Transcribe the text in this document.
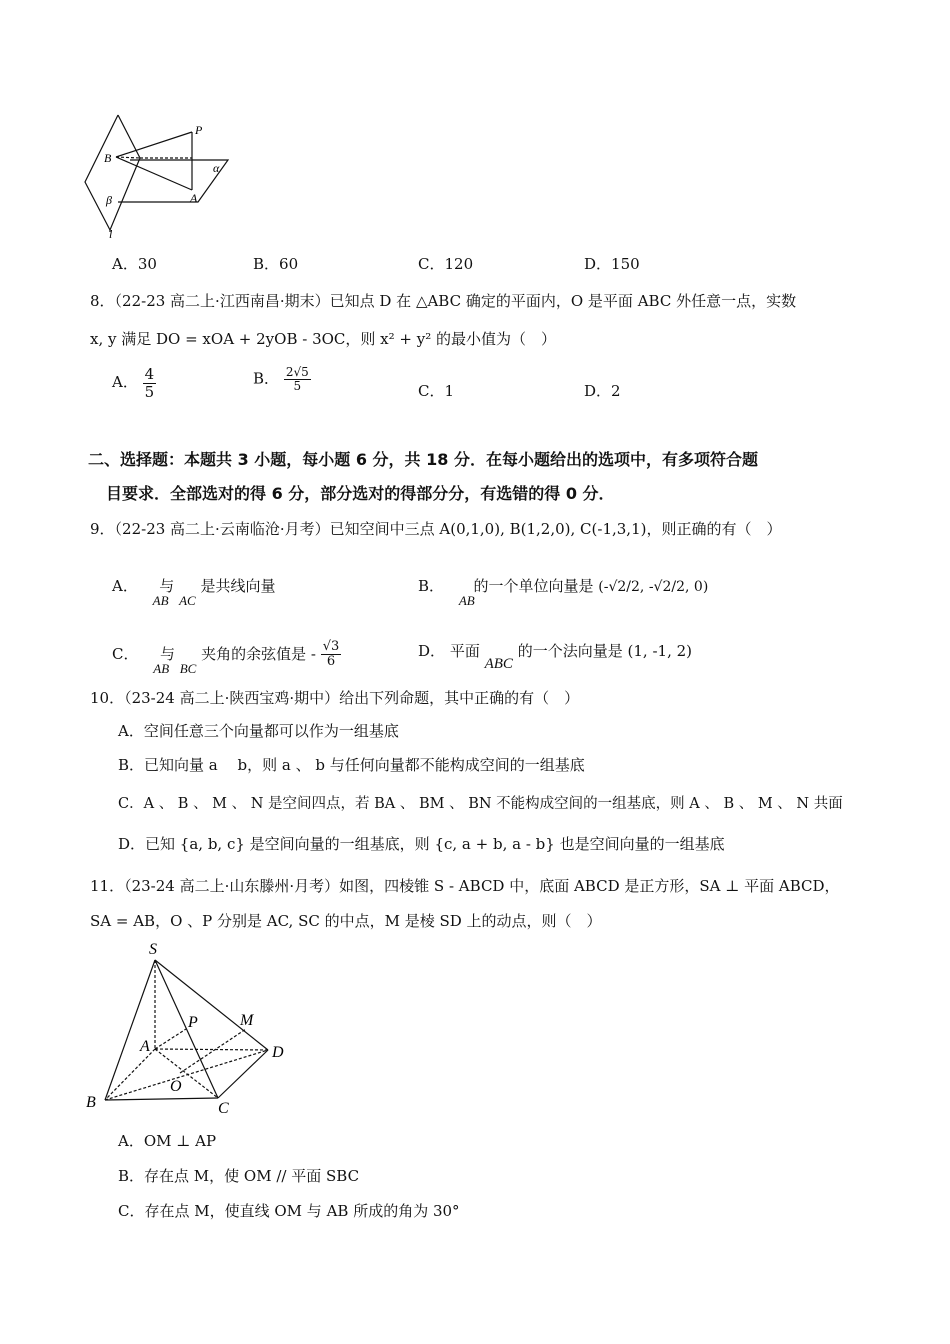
P
B
α
A
β
l
A．30	B．60	C．120	D．150
8．（22-23 高二上·江西南昌·期末）已知点 D 在 △ABC 确定的平面内，O 是平面 ABC 外任意一点，实数
x, y 满足 DO = xOA + 2yOB - 3OC，则 x² + y² 的最小值为（　）
A． $\frac{4}{5}$	B． $\frac{2√5}{5}$	C．1	D．2
二、选择题：本题共 3 小题，每小题 6 分，共 18 分．在每小题给出的选项中，有多项符合题
目要求．全部选对的得 6 分，部分选对的得部分分，有选错的得 0 分．
9．（22-23 高二上·云南临沧·月考）已知空间中三点 A(0,1,0), B(1,2,0), C(-1,3,1)，则正确的有（　）
A． AB 与 AC 是共线向量	B． AB 的一个单位向量是 (-√2/2, -√2/2, 0)
C． AB 与 BC 夹角的余弦值是 - $\frac{√3}{6}$	D． 平面 ABC 的一个法向量是 (1, -1, 2)
10．（23-24 高二上·陕西宝鸡·期中）给出下列命题，其中正确的有（　）
A．空间任意三个向量都可以作为一组基底
B．已知向量 a　 b，则 a 、 b 与任何向量都不能构成空间的一组基底
C．A 、 B 、 M 、 N 是空间四点，若 BA 、 BM 、 BN 不能构成空间的一组基底，则 A 、 B 、 M 、 N 共面
D．已知 {a, b, c} 是空间向量的一组基底，则 {c, a + b, a - b} 也是空间向量的一组基底
11．（23-24 高二上·山东滕州·月考）如图，四棱锥 S - ABCD 中，底面 ABCD 是正方形，SA ⊥ 平面 ABCD，
SA = AB，O 、P 分别是 AC, SC 的中点，M 是棱 SD 上的动点，则（　）
S
P	M
A	D
O
B	C
A．OM ⊥ AP
B．存在点 M，使 OM // 平面 SBC
C．存在点 M，使直线 OM 与 AB 所成的角为 30°
